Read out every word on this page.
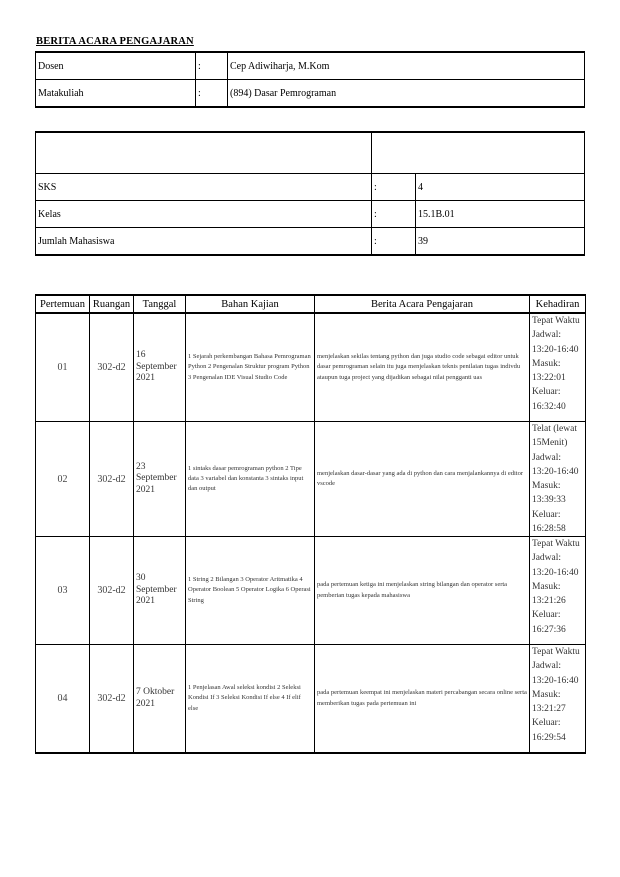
BERITA ACARA PENGAJARAN
Dosen	:	Cep Adiwiharja, M.Kom
Matakuliah	:	(894) Dasar Pemrograman

SKS	:	4
Kelas	:	15.1B.01
Jumlah Mahasiswa	:	39
Pertemuan	Ruangan	Tanggal	Bahan Kajian	Berita Acara Pengajaran	Kehadiran
01	302-d2	16 September 2021	1 Sejarah perkembangan Bahasa Pemrograman Python 2 Pengenalan Struktur program Python 3 Pengenalan IDE Visual Studio Code	menjelaskan sekilas tentang python dan juga studio code sebagai editor untuk dasar pemrograman selain itu juga menjelaskan teknis penilaian tugas indivdu ataupun tuga project yang dijadikan sebagai nilai pengganti uas	Tepat Waktu Jadwal: 13:20-16:40 Masuk: 13:22:01 Keluar: 16:32:40
02	302-d2	23 September 2021	1 sintaks dasar pemrograman python 2 Tipe data 3 variabel dan konstanta 3 sintaks input dan output	menjelaskan dasar-dasar yang ada di python dan cara menjalankannya di editor vscode	Telat (lewat 15Menit) Jadwal: 13:20-16:40 Masuk: 13:39:33 Keluar: 16:28:58
03	302-d2	30 September 2021	1 String 2 Bilangan 3 Operator Aritmatika 4 Operator Boolean 5 Operator Logika 6 Operasi String	pada pertemuan ketiga ini menjelaskan string bilangan dan operator serta pemberian tugas kepada mahasiswa	Tepat Waktu Jadwal: 13:20-16:40 Masuk: 13:21:26 Keluar: 16:27:36
04	302-d2	7 Oktober 2021	1 Penjelasan Awal seleksi kondisi 2 Seleksi Kondisi If 3 Seleksi Kondisi If else 4 If elif else	pada pertemuan keempat ini menjelaskan materi percabangan secara online serta memberikan tugas pada pertemuan ini	Tepat Waktu Jadwal: 13:20-16:40 Masuk: 13:21:27 Keluar: 16:29:54
